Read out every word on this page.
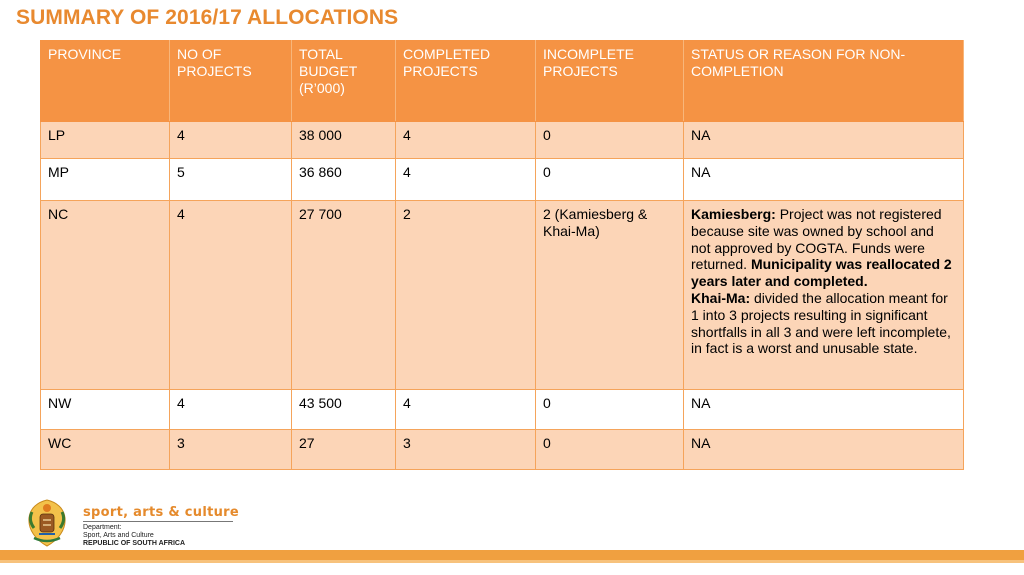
SUMMARY OF 2016/17 ALLOCATIONS
PROVINCE	NO OF PROJECTS	TOTAL BUDGET (R’000)	COMPLETED PROJECTS	INCOMPLETE PROJECTS	STATUS OR REASON FOR NON-COMPLETION
LP	4	38 000	4	0	NA
MP	5	36 860	4	0	NA
NC	4	27 700	2	2 (Kamiesberg & Khai-Ma)	Kamiesberg: Project was not registered because site was owned by school and not approved by COGTA. Funds were returned. Municipality was reallocated 2 years later and completed.

Khai-Ma: divided the allocation meant for 1 into 3 projects resulting in significant shortfalls in all 3 and were left incomplete, in fact is a worst and unusable state.

NW	4	43 500	4	0	NA
WC	3	27	3	0	NA
sport, arts & culture
Department:
Sport, Arts and Culture
REPUBLIC OF SOUTH AFRICA
